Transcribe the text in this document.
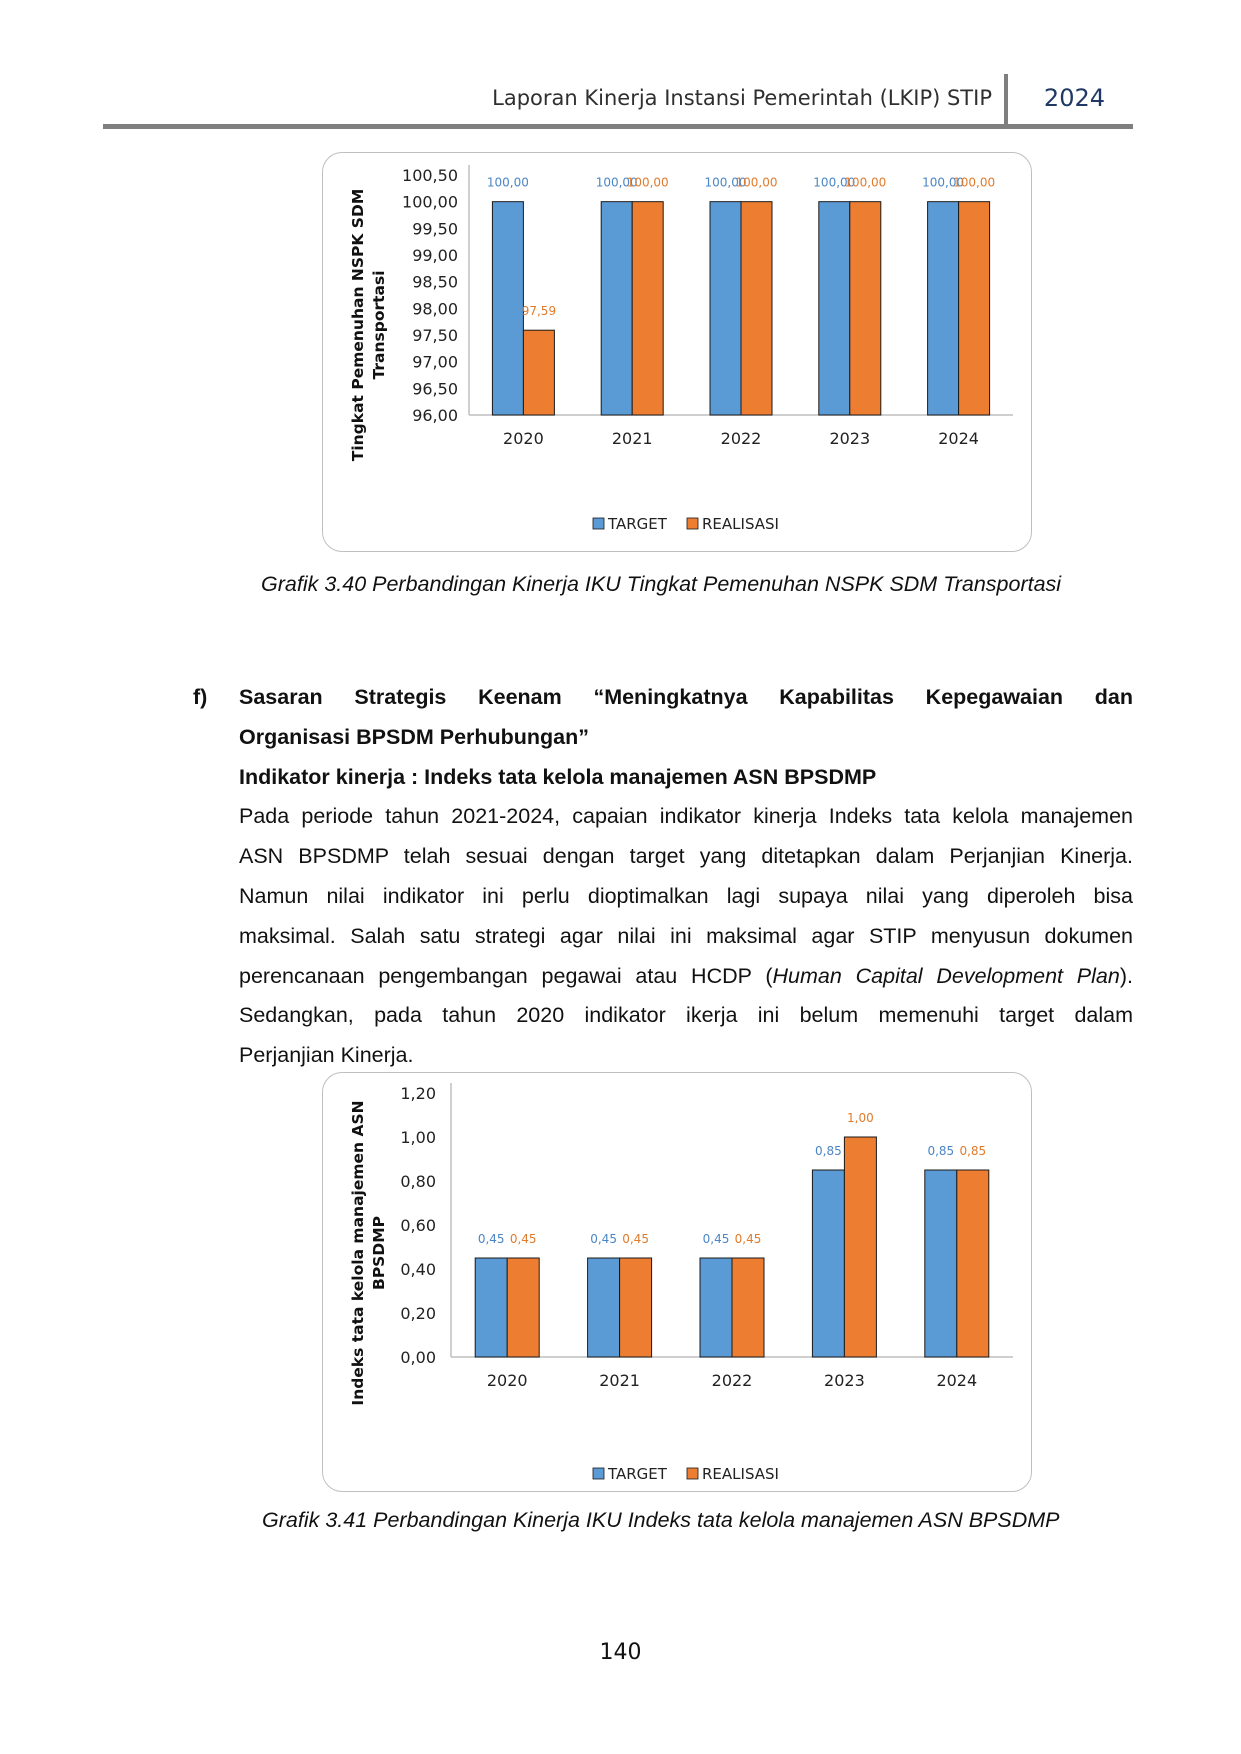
Laporan Kinerja Instansi Pemerintah (LKIP) STIP 2024
96,00
96,50
97,00
97,50
98,00
98,50
99,00
99,50
100,00
100,50
Tingkat Pemenuhan NSPK SDM Transportasi
100,00
97,59
2020
100,00
100,00
2021
100,00
100,00
2022
100,00
100,00
2023
100,00
100,00
2024
TARGET REALISASI
Grafik 3.40 Perbandingan Kinerja IKU Tingkat Pemenuhan NSPK SDM Transportasi
f) Sasaran Strategis Keenam “Meningkatnya Kapabilitas Kepegawaian dan
Organisasi BPSDM Perhubungan”
Indikator kinerja : Indeks tata kelola manajemen ASN BPSDMP
Pada periode tahun 2021-2024, capaian indikator kinerja Indeks tata kelola manajemen
ASN BPSDMP telah sesuai dengan target yang ditetapkan dalam Perjanjian Kinerja.
Namun nilai indikator ini perlu dioptimalkan lagi supaya nilai yang diperoleh bisa
maksimal. Salah satu strategi agar nilai ini maksimal agar STIP menyusun dokumen
perencanaan pengembangan pegawai atau HCDP (Human Capital Development Plan).
Sedangkan, pada tahun 2020 indikator ikerja ini belum memenuhi target dalam
Perjanjian Kinerja.
0,00
0,20
0,40
0,60
0,80
1,00
1,20
Indeks tata kelola manajemen ASN BPSDMP	0,45 0,45
2020
0,45 0,45
2021
0,45 0,45
2022
0,85
1,00
2023
0,85 0,85
2024
TARGET REALISASI
Grafik 3.41 Perbandingan Kinerja IKU Indeks tata kelola manajemen ASN BPSDMP
140
